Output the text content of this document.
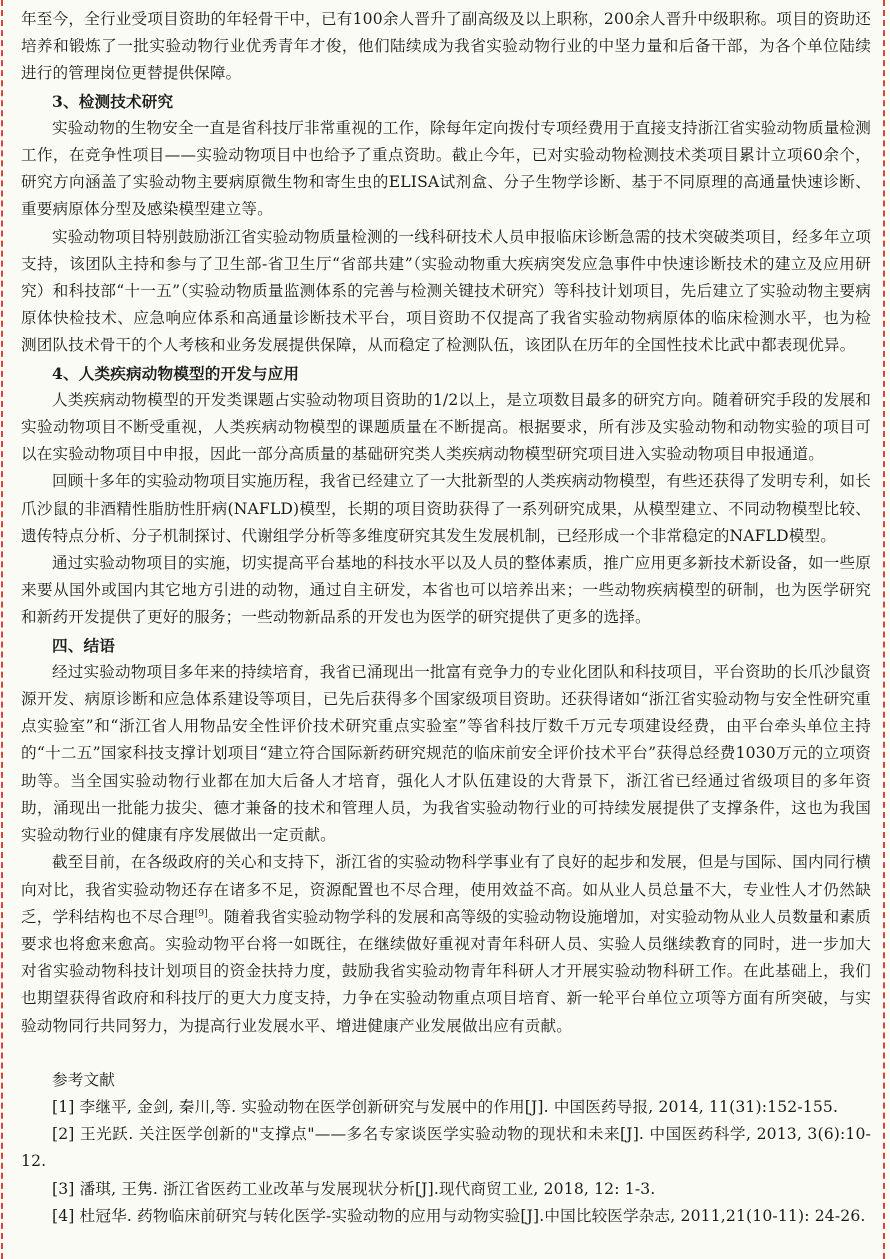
年至今，全行业受项目资助的年轻骨干中，已有100余人晋升了副高级及以上职称，200余人晋升中级职称。项目的资助还培养和锻炼了一批实验动物行业优秀青年才俊，他们陆续成为我省实验动物行业的中坚力量和后备干部，为各个单位陆续进行的管理岗位更替提供保障。

3、检测技术研究

实验动物的生物安全一直是省科技厅非常重视的工作，除每年定向拨付专项经费用于直接支持浙江省实验动物质量检测工作，在竞争性项目——实验动物项目中也给予了重点资助。截止今年，已对实验动物检测技术类项目累计立项60余个，研究方向涵盖了实验动物主要病原微生物和寄生虫的ELISA试剂盒、分子生物学诊断、基于不同原理的高通量快速诊断、重要病原体分型及感染模型建立等。

实验动物项目特别鼓励浙江省实验动物质量检测的一线科研技术人员申报临床诊断急需的技术突破类项目，经多年立项支持，该团队主持和参与了卫生部-省卫生厅“省部共建”（实验动物重大疾病突发应急事件中快速诊断技术的建立及应用研究）和科技部“十一五”（实验动物质量监测体系的完善与检测关键技术研究）等科技计划项目，先后建立了实验动物主要病原体快检技术、应急响应体系和高通量诊断技术平台，项目资助不仅提高了我省实验动物病原体的临床检测水平，也为检测团队技术骨干的个人考核和业务发展提供保障，从而稳定了检测队伍，该团队在历年的全国性技术比武中都表现优异。

4、人类疾病动物模型的开发与应用

人类疾病动物模型的开发类课题占实验动物项目资助的1/2以上，是立项数目最多的研究方向。随着研究手段的发展和实验动物项目不断受重视，人类疾病动物模型的课题质量在不断提高。根据要求，所有涉及实验动物和动物实验的项目可以在实验动物项目中申报，因此一部分高质量的基础研究类人类疾病动物模型研究项目进入实验动物项目申报通道。

回顾十多年的实验动物项目实施历程，我省已经建立了一大批新型的人类疾病动物模型，有些还获得了发明专利，如长爪沙鼠的非酒精性脂肪性肝病(NAFLD)模型，长期的项目资助获得了一系列研究成果，从模型建立、不同动物模型比较、遗传特点分析、分子机制探讨、代谢组学分析等多维度研究其发生发展机制，已经形成一个非常稳定的NAFLD模型。

通过实验动物项目的实施，切实提高平台基地的科技水平以及人员的整体素质，推广应用更多新技术新设备，如一些原来要从国外或国内其它地方引进的动物，通过自主研发，本省也可以培养出来；一些动物疾病模型的研制，也为医学研究和新药开发提供了更好的服务；一些动物新品系的开发也为医学的研究提供了更多的选择。

四、结语

经过实验动物项目多年来的持续培育，我省已涌现出一批富有竞争力的专业化团队和科技项目，平台资助的长爪沙鼠资源开发、病原诊断和应急体系建设等项目，已先后获得多个国家级项目资助。还获得诸如“浙江省实验动物与安全性研究重点实验室”和“浙江省人用物品安全性评价技术研究重点实验室”等省科技厅数千万元专项建设经费，由平台牵头单位主持的“十二五”国家科技支撑计划项目“建立符合国际新药研究规范的临床前安全评价技术平台”获得总经费1030万元的立项资助等。当全国实验动物行业都在加大后备人才培育，强化人才队伍建设的大背景下，浙江省已经通过省级项目的多年资助，涌现出一批能力拔尖、德才兼备的技术和管理人员，为我省实验动物行业的可持续发展提供了支撑条件，这也为我国实验动物行业的健康有序发展做出一定贡献。

截至目前，在各级政府的关心和支持下，浙江省的实验动物科学事业有了良好的起步和发展，但是与国际、国内同行横向对比，我省实验动物还存在诸多不足，资源配置也不尽合理，使用效益不高。如从业人员总量不大，专业性人才仍然缺乏，学科结构也不尽合理[9]。随着我省实验动物学科的发展和高等级的实验动物设施增加，对实验动物从业人员数量和素质要求也将愈来愈高。实验动物平台将一如既往，在继续做好重视对青年科研人员、实验人员继续教育的同时，进一步加大对省实验动物科技计划项目的资金扶持力度，鼓励我省实验动物青年科研人才开展实验动物科研工作。在此基础上，我们也期望获得省政府和科技厅的更大力度支持，力争在实验动物重点项目培育、新一轮平台单位立项等方面有所突破，与实验动物同行共同努力，为提高行业发展水平、增进健康产业发展做出应有贡献。

参考文献

[1] 李继平, 金剑, 秦川,等. 实验动物在医学创新研究与发展中的作用[J]. 中国医药导报, 2014, 11(31):152-155.

[2] 王光跃. 关注医学创新的"支撑点"——多名专家谈医学实验动物的现状和未来[J]. 中国医药科学, 2013, 3(6):10-12.

[3] 潘琪, 王隽. 浙江省医药工业改革与发展现状分析[J].现代商贸工业, 2018, 12: 1-3.

[4] 杜冠华. 药物临床前研究与转化医学-实验动物的应用与动物实验[J].中国比较医学杂志, 2011,21(10-11): 24-26.
